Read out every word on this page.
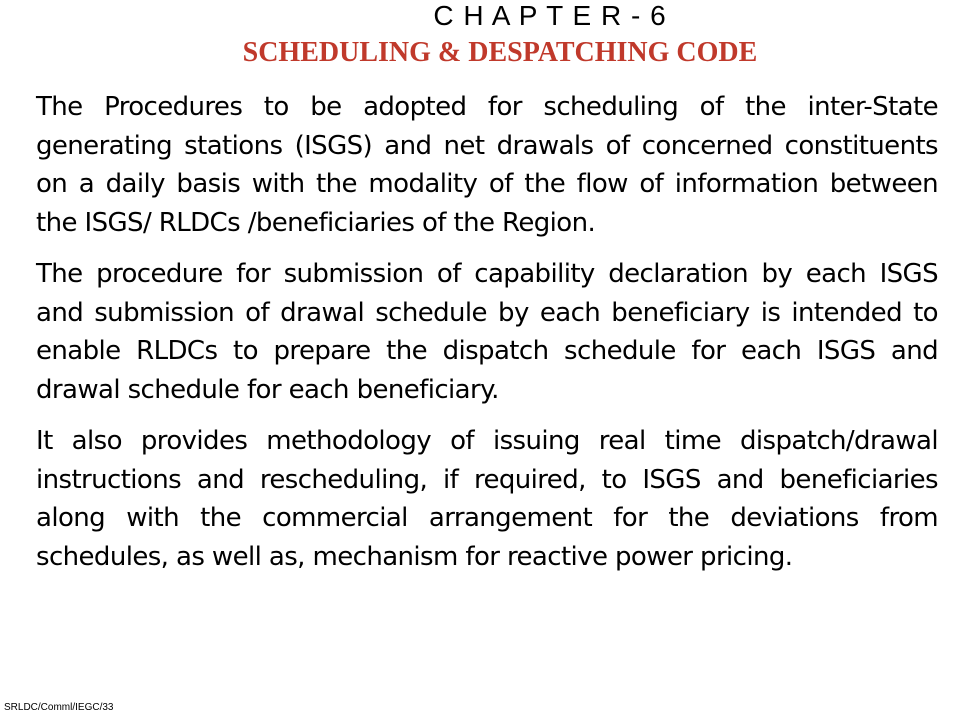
C H A P T E R - 6
SCHEDULING & DESPATCHING CODE

The Procedures to be adopted for scheduling of the inter-State generating stations (ISGS) and net drawals of concerned constituents on a daily basis with the modality of the flow of information between the ISGS/ RLDCs /beneficiaries of the Region.

The procedure for submission of capability declaration by each ISGS and submission of drawal schedule by each beneficiary is intended to enable RLDCs to prepare the dispatch schedule for each ISGS and drawal schedule for each beneficiary.

It also provides methodology of issuing real time dispatch/drawal instructions and rescheduling, if required, to ISGS and beneficiaries along with the commercial arrangement for the deviations from schedules, as well as, mechanism for reactive power pricing.

SRLDC/Comml/IEGC/33
